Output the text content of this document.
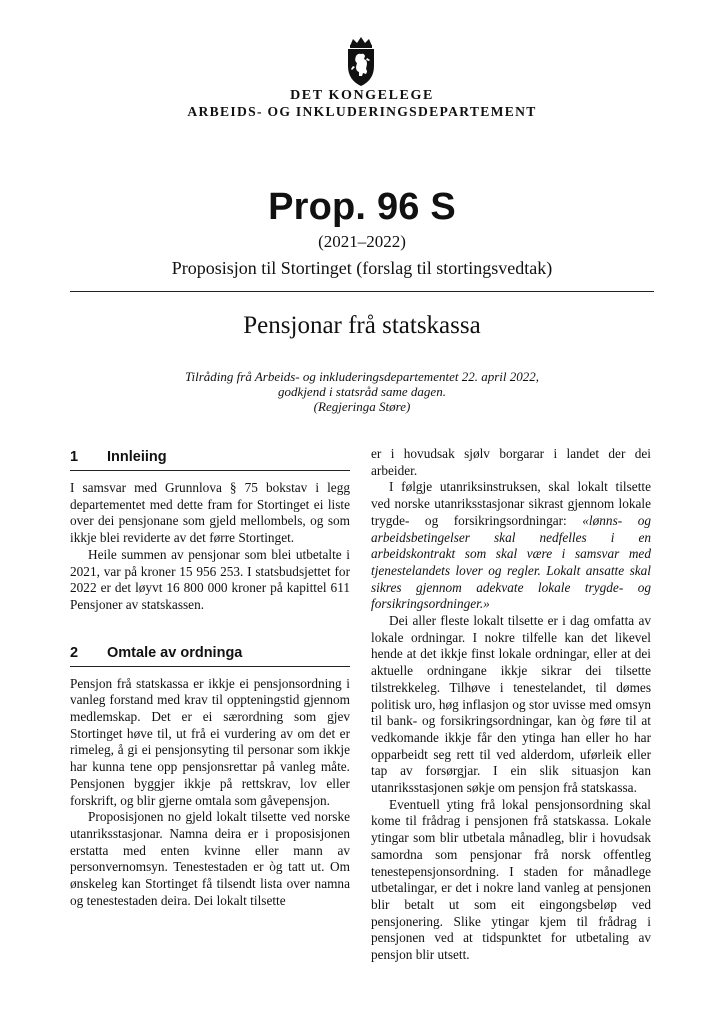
DET KONGELEGE
ARBEIDS- OG INKLUDERINGSDEPARTEMENT
Prop. 96 S
(2021–2022)
Proposisjon til Stortinget (forslag til stortingsvedtak)
Pensjonar frå statskassa
Tilråding frå Arbeids- og inkluderingsdepartementet 22. april 2022,
godkjend i statsråd same dagen.
(Regjeringa Støre)
1 Innleiing

I samsvar med Grunnlova § 75 bokstav i legg departementet med dette fram for Stortinget ei liste over dei pensjonane som gjeld mellombels, og som ikkje blei reviderte av det førre Stortinget.

Heile summen av pensjonar som blei utbetalte i 2021, var på kroner 15 956 253. I statsbudsjettet for 2022 er det løyvt 16 800 000 kroner på kapittel 611 Pensjoner av statskassen.

2 Omtale av ordninga

Pensjon frå statskassa er ikkje ei pensjonsordning i vanleg forstand med krav til oppteningstid gjennom medlemskap. Det er ei særordning som gjev Stortinget høve til, ut frå ei vurdering av om det er rimeleg, å gi ei pensjonsyting til personar som ikkje har kunna tene opp pensjonsrettar på vanleg måte. Pensjonen byggjer ikkje på rettskrav, lov eller forskrift, og blir gjerne omtala som gåvepensjon.

Proposisjonen no gjeld lokalt tilsette ved norske utanriksstasjonar. Namna deira er i proposisjonen erstatta med enten kvinne eller mann av personvernomsyn. Tenestestaden er òg tatt ut. Om ønskeleg kan Stortinget få tilsendt lista over namna og tenestestaden deira. Dei lokalt tilsette

er i hovudsak sjølv borgarar i landet der dei arbeider.

I følgje utanriksinstruksen, skal lokalt tilsette ved norske utanriksstasjonar sikrast gjennom lokale trygde- og forsikringsordningar: «lønns- og arbeidsbetingelser skal nedfelles i en arbeidskontrakt som skal være i samsvar med tjenestelandets lover og regler. Lokalt ansatte skal sikres gjennom adekvate lokale trygde- og forsikringsordninger.»

Dei aller fleste lokalt tilsette er i dag omfatta av lokale ordningar. I nokre tilfelle kan det likevel hende at det ikkje finst lokale ordningar, eller at dei aktuelle ordningane ikkje sikrar dei tilsette tilstrekkeleg. Tilhøve i tenestelandet, til dømes politisk uro, høg inflasjon og stor uvisse med omsyn til bank- og forsikringsordningar, kan òg føre til at vedkomande ikkje får den ytinga han eller ho har opparbeidt seg rett til ved alderdom, uførleik eller tap av forsørgjar. I ein slik situasjon kan utanriksstasjonen søkje om pensjon frå statskassa.

Eventuell yting frå lokal pensjonsordning skal kome til frådrag i pensjonen frå statskassa. Lokale ytingar som blir utbetala månadleg, blir i hovudsak samordna som pensjonar frå norsk offentleg tenestepensjonsordning. I staden for månadlege utbetalingar, er det i nokre land vanleg at pensjonen blir betalt ut som eit eingongsbeløp ved pensjonering. Slike ytingar kjem til frådrag i pensjonen ved at tidspunktet for utbetaling av pensjon blir utsett.
